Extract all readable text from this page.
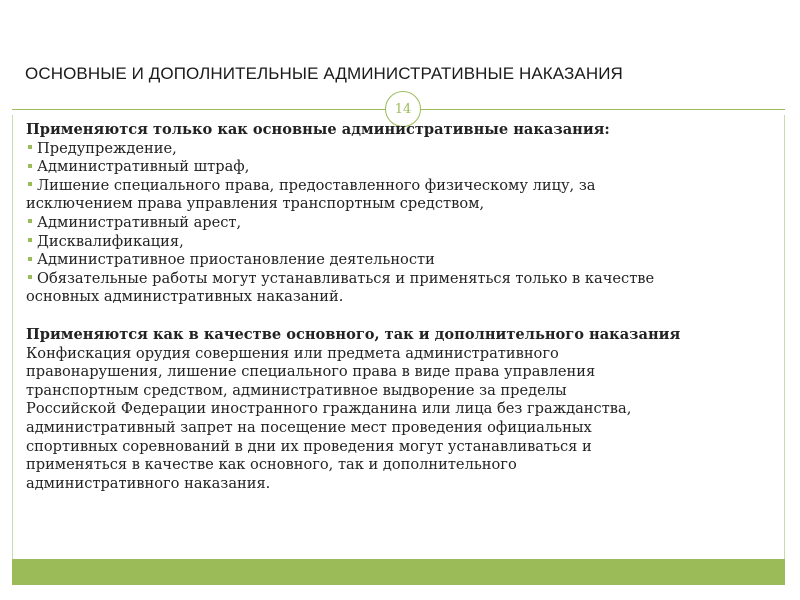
ОСНОВНЫЕ И ДОПОЛНИТЕЛЬНЫЕ АДМИНИСТРАТИВНЫЕ НАКАЗАНИЯ
14

Применяются только как основные административные наказания:

Предупреждение,

Административный штраф,

Лишение специального права, предоставленного физическому лицу, за

исключением права управления транспортным средством,

Административный арест,

Дисквалификация,

Административное приостановление деятельности

Обязательные работы могут устанавливаться и применяться только в качестве

основных административных наказаний.

Применяются как в качестве основного, так и дополнительного наказания

Конфискация орудия совершения или предмета административного

правонарушения, лишение специального права в виде права управления

транспортным средством, административное выдворение за пределы

Российской Федерации иностранного гражданина или лица без гражданства,

административный запрет на посещение мест проведения официальных

спортивных соревнований в дни их проведения могут устанавливаться и

применяться в качестве как основного, так и дополнительного

административного наказания.
